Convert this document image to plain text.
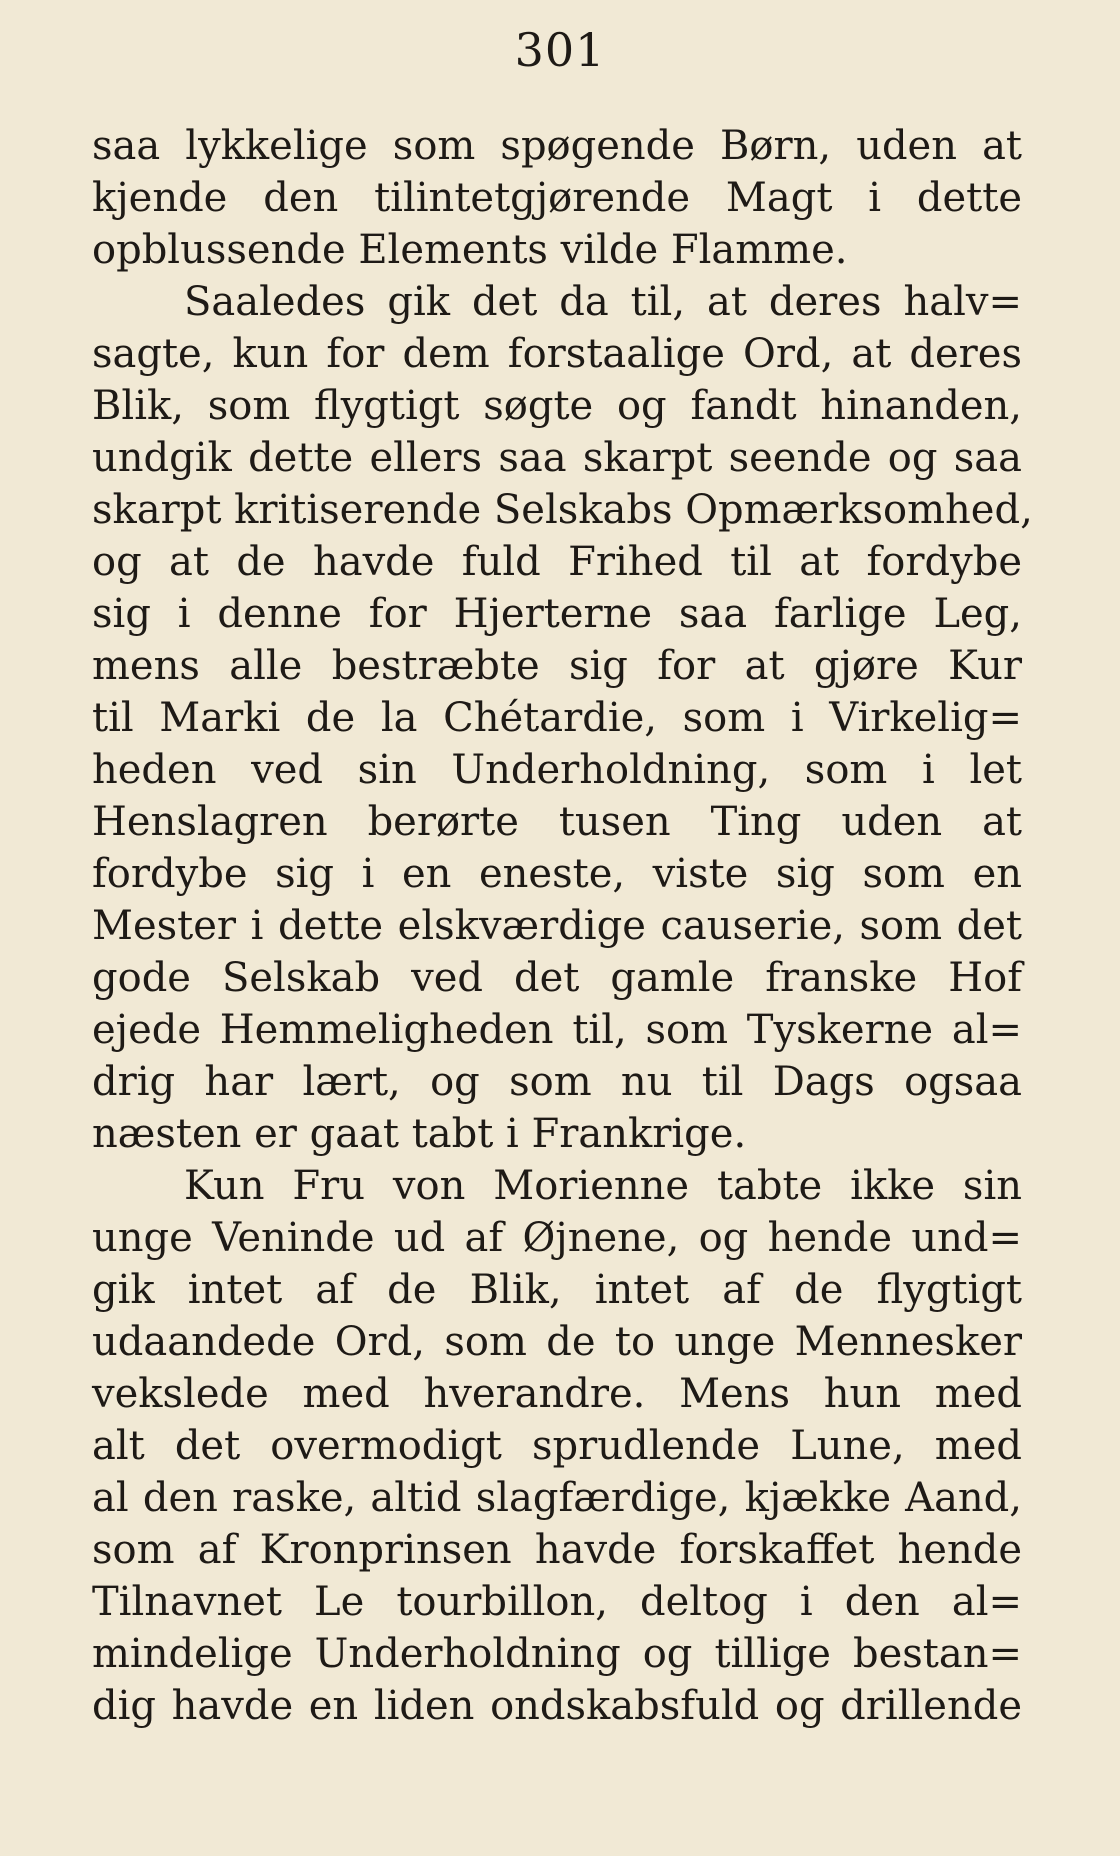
301
saa lykkelige som spøgende Børn, uden at
kjende den tilintetgjørende Magt i dette
opblussende Elements vilde Flamme.
Saaledes gik det da til, at deres halv=
sagte, kun for dem forstaalige Ord, at deres
Blik, som flygtigt søgte og fandt hinanden,
undgik dette ellers saa skarpt seende og saa
skarpt kritiserende Selskabs Opmærksomhed,
og at de havde fuld Frihed til at fordybe
sig i denne for Hjerterne saa farlige Leg,
mens alle bestræbte sig for at gjøre Kur
til Marki de la Chétardie, som i Virkelig=
heden ved sin Underholdning, som i let
Henslagren berørte tusen Ting uden at
fordybe sig i en eneste, viste sig som en
Mester i dette elskværdige causerie, som det
gode Selskab ved det gamle franske Hof
ejede Hemmeligheden til, som Tyskerne al=
drig har lært, og som nu til Dags ogsaa
næsten er gaat tabt i Frankrige.
Kun Fru von Morienne tabte ikke sin
unge Veninde ud af Øjnene, og hende und=
gik intet af de Blik, intet af de flygtigt
udaandede Ord, som de to unge Mennesker
vekslede med hverandre. Mens hun med
alt det overmodigt sprudlende Lune, med
al den raske, altid slagfærdige, kjække Aand,
som af Kronprinsen havde forskaffet hende
Tilnavnet Le tourbillon, deltog i den al=
mindelige Underholdning og tillige bestan=
dig havde en liden ondskabsfuld og drillende
